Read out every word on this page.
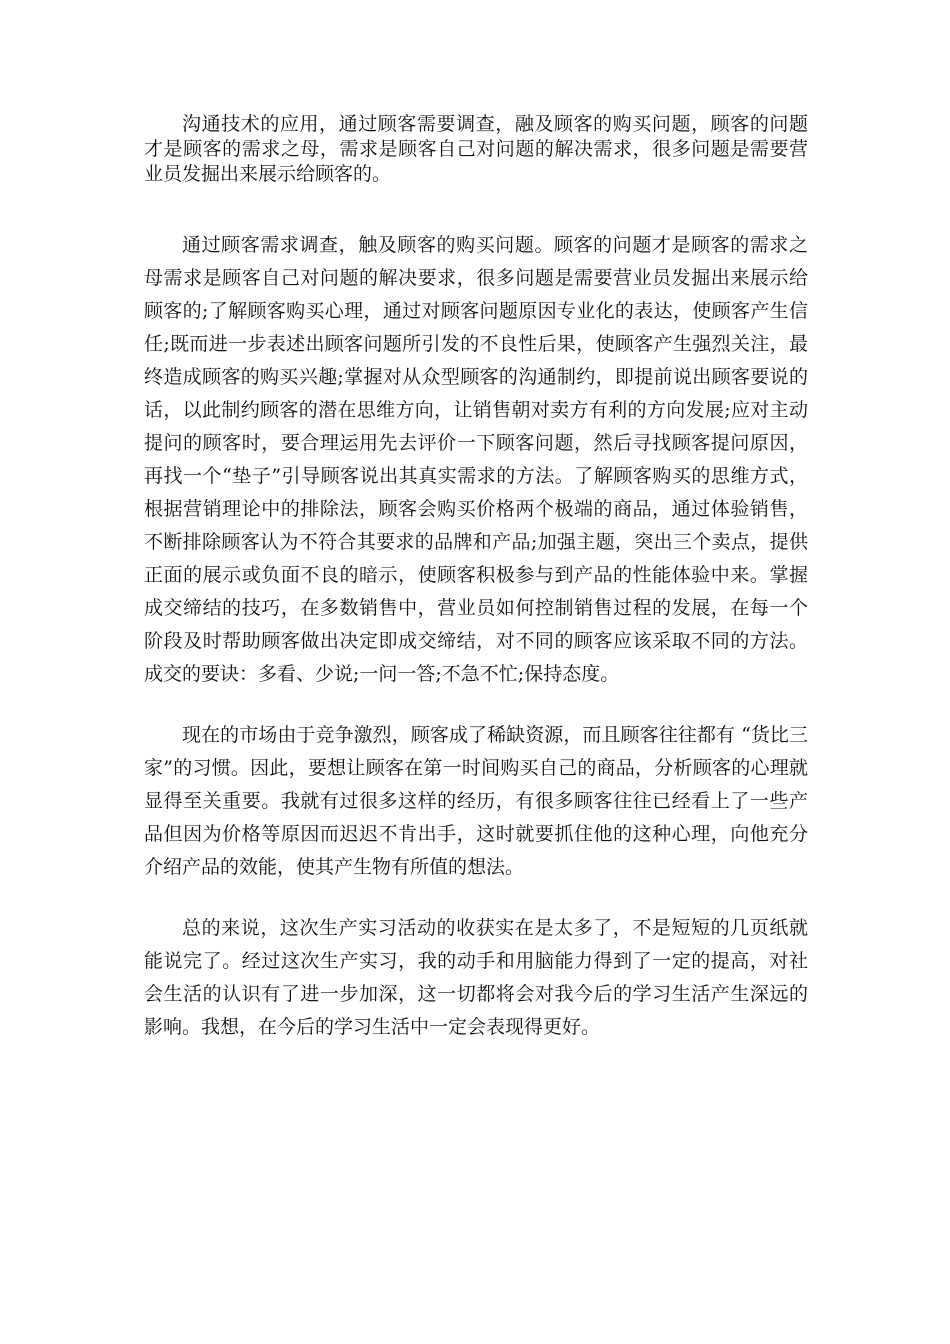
沟通技术的应用，通过顾客需要调查，融及顾客的购买问题，顾客的问题才是顾客的需求之母，需求是顾客自己对问题的解决需求，很多问题是需要营业员发掘出来展示给顾客的。

通过顾客需求调查，触及顾客的购买问题。顾客的问题才是顾客的需求之母需求是顾客自己对问题的解决要求，很多问题是需要营业员发掘出来展示给顾客的;了解顾客购买心理，通过对顾客问题原因专业化的表达，使顾客产生信任;既而进一步表述出顾客问题所引发的不良性后果，使顾客产生强烈关注，最终造成顾客的购买兴趣;掌握对从众型顾客的沟通制约，即提前说出顾客要说的话，以此制约顾客的潜在思维方向，让销售朝对卖方有利的方向发展;应对主动提问的顾客时，要合理运用先去评价一下顾客问题，然后寻找顾客提问原因，再找一个“垫子”引导顾客说出其真实需求的方法。了解顾客购买的思维方式，根据营销理论中的排除法，顾客会购买价格两个极端的商品，通过体验销售，不断排除顾客认为不符合其要求的品牌和产品;加强主题，突出三个卖点，提供正面的展示或负面不良的暗示，使顾客积极参与到产品的性能体验中来。掌握成交缔结的技巧，在多数销售中，营业员如何控制销售过程的发展，在每一个阶段及时帮助顾客做出决定即成交缔结，对不同的顾客应该采取不同的方法。成交的要诀：多看、少说;一问一答;不急不忙;保持态度。

现在的市场由于竞争激烈，顾客成了稀缺资源，而且顾客往往都有 “货比三家”的习惯。因此，要想让顾客在第一时间购买自己的商品，分析顾客的心理就显得至关重要。我就有过很多这样的经历，有很多顾客往往已经看上了一些产品但因为价格等原因而迟迟不肯出手，这时就要抓住他的这种心理，向他充分介绍产品的效能，使其产生物有所值的想法。

总的来说，这次生产实习活动的收获实在是太多了，不是短短的几页纸就能说完了。经过这次生产实习，我的动手和用脑能力得到了一定的提高，对社会生活的认识有了进一步加深，这一切都将会对我今后的学习生活产生深远的影响。我想，在今后的学习生活中一定会表现得更好。
